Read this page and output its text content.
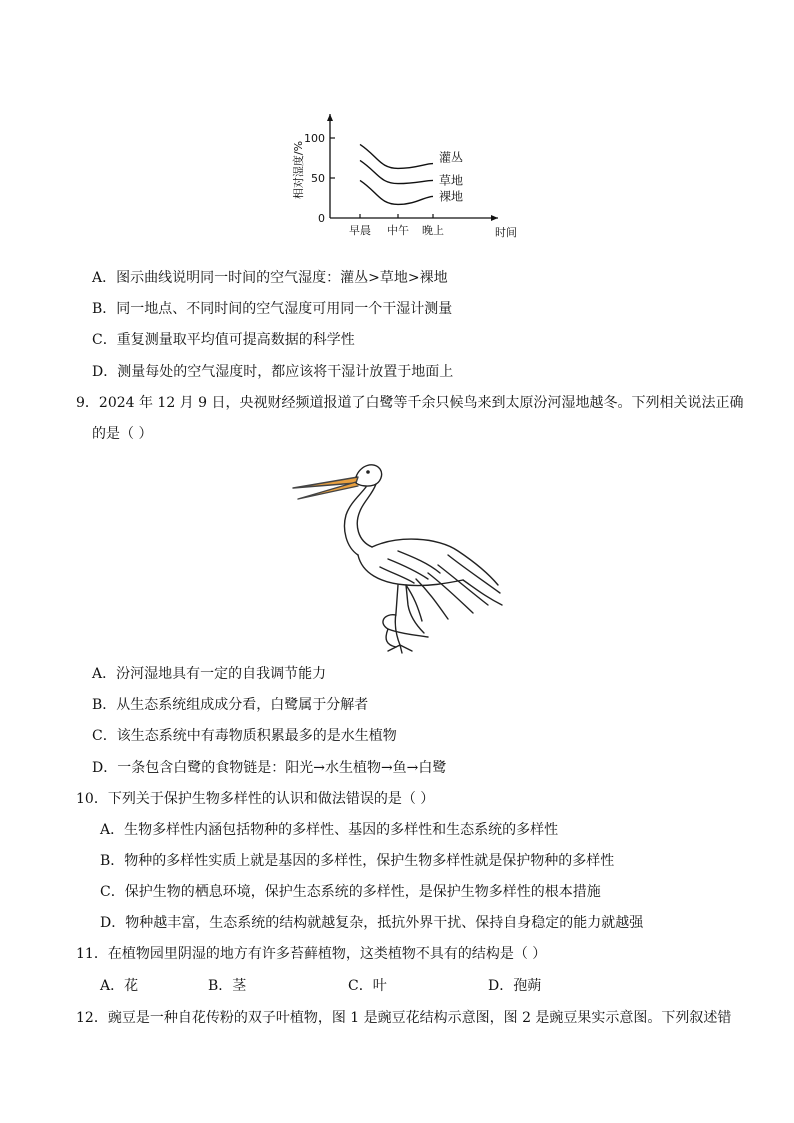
100
50
0
早晨 中午 晚上	时间
相对湿度/%	灌丛
草地
裸地
A．图示曲线说明同一时间的空气湿度：灌丛>草地>裸地
B．同一地点、不同时间的空气湿度可用同一个干湿计测量
C．重复测量取平均值可提高数据的科学性
D．测量每处的空气湿度时，都应该将干湿计放置于地面上
9．2024 年 12 月 9 日，央视财经频道报道了白鹭等千余只候鸟来到太原汾河湿地越冬。下列相关说法正确
的是（ ）
A．汾河湿地具有一定的自我调节能力
B．从生态系统组成成分看，白鹭属于分解者
C．该生态系统中有毒物质积累最多的是水生植物
D．一条包含白鹭的食物链是：阳光→水生植物→鱼→白鹭
10．下列关于保护生物多样性的认识和做法错误的是（ ）
A．生物多样性内涵包括物种的多样性、基因的多样性和生态系统的多样性
B．物种的多样性实质上就是基因的多样性，保护生物多样性就是保护物种的多样性
C．保护生物的栖息环境，保护生态系统的多样性，是保护生物多样性的根本措施
D．物种越丰富，生态系统的结构就越复杂，抵抗外界干扰、保持自身稳定的能力就越强
11．在植物园里阴湿的地方有许多苔藓植物，这类植物不具有的结构是（ ）
A．花	B．茎	C．叶	D．孢蒴
12．豌豆是一种自花传粉的双子叶植物，图 1 是豌豆花结构示意图，图 2 是豌豆果实示意图。下列叙述错
